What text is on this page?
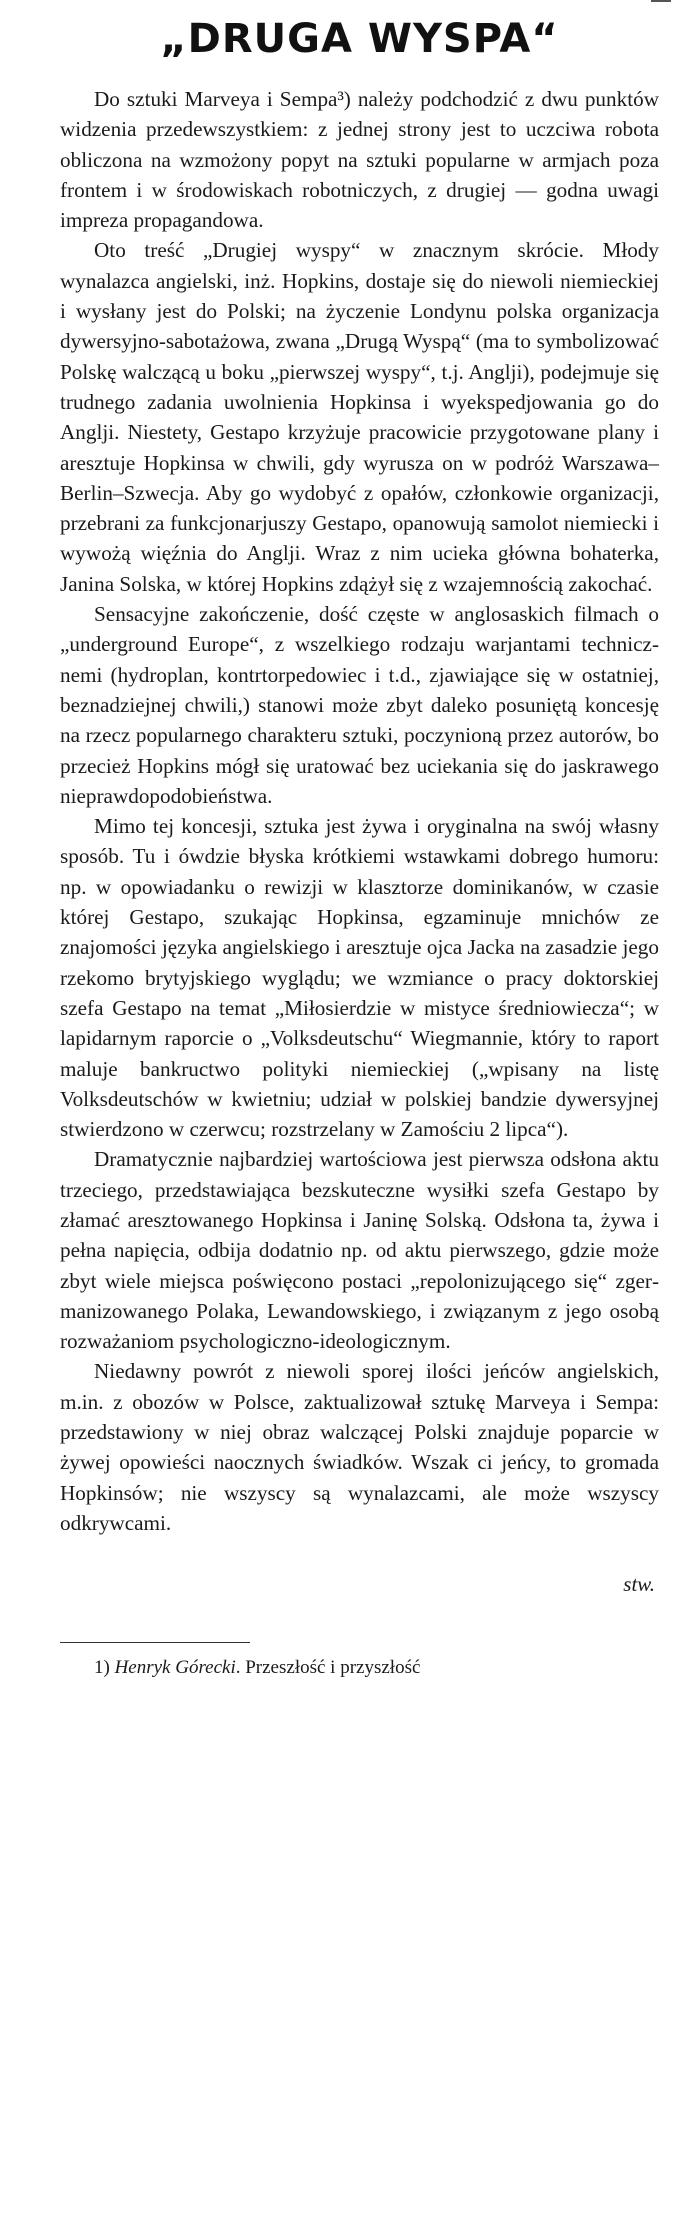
„DRUGA WYSPA“

Do sztuki Marveya i Sempa³) należy podchodzić z dwu punktów widzenia przedewszystkiem: z jednej strony jest to uczciwa robota obliczona na wzmożony popyt na sztuki popularne w armjach poza frontem i w środowiskach robotniczych, z drugiej — godna uwagi impreza propagandowa.

Oto treść „Drugiej wyspy“ w znacznym skrócie. Młody wynalazca angielski, inż. Hopkins, dostaje się do niewoli niemieckiej i wysłany jest do Polski; na życzenie Londynu polska organizacja dywersyjno-sabotażowa, zwana „Drugą Wyspą“ (ma to symbolizować Polskę walczącą u boku „pierwszej wyspy“, t.j. Anglji), podejmuje się trudnego zadania uwolnienia Hopkinsa i wyekspedjowania go do Anglji. Niestety, Gestapo krzyżuje pracowicie przygotowane plany i aresztuje Hopkinsa w chwili, gdy wyrusza on w podróż Warszawa–Berlin–Szwecja. Aby go wydobyć z opałów, członkowie organizacji, przebrani za funkcjonarjuszy Gestapo, opanowują samolot niemiecki i wywożą więźnia do Anglji. Wraz z nim ucieka główna bohaterka, Janina Solska, w której Hopkins zdążył się z wzajemnością zakochać.

Sensacyjne zakończenie, dość częste w anglosaskich filmach o „underground Europe“, z wszelkiego rodzaju warjantami technicznemi (hydroplan, kontrtorpedowiec i t.d., zjawiające się w ostatniej, beznadziejnej chwili,) stanowi może zbyt daleko posuniętą koncesję na rzecz popularnego charakteru sztuki, poczynioną przez autorów, bo przecież Hopkins mógł się uratować bez uciekania się do jaskrawego nieprawdopodobieństwa.

Mimo tej koncesji, sztuka jest żywa i oryginalna na swój własny sposób. Tu i ówdzie błyska krótkiemi wstawkami dobrego humoru: np. w opowiadanku o rewizji w klasztorze dominikanów, w czasie której Gestapo, szukając Hopkinsa, egzaminuje mnichów ze znajomości języka angielskiego i aresztuje ojca Jacka na zasadzie jego rzekomo brytyjskiego wyglądu; we wzmiance o pracy doktorskiej szefa Gestapo na temat „Miłosierdzie w mistyce średniowiecza“; w lapidarnym raporcie o „Volksdeutschu“ Wiegmannie, który to raport maluje bankructwo polityki niemieckiej („wpisany na listę Volksdeutschów w kwietniu; udział w polskiej bandzie dywersyjnej stwierdzono w czerwcu; rozstrzelany w Zamościu 2 lipca“).

Dramatycznie najbardziej wartościowa jest pierwsza odsłona aktu trzeciego, przedstawiająca bezskuteczne wysiłki szefa Gestapo by złamać aresztowanego Hopkinsa i Janinę Solską. Odsłona ta, żywa i pełna napięcia, odbija dodatnio np. od aktu pierwszego, gdzie może zbyt wiele miejsca poświęcono postaci „repolonizującego się“ zgermanizowanego Polaka, Lewandowskiego, i związanym z jego osobą rozważaniom psychologiczno-ideologicznym.

Niedawny powrót z niewoli sporej ilości jeńców angielskich, m.in. z obozów w Polsce, zaktualizował sztukę Marveya i Sempa: przedstawiony w niej obraz walczącej Polski znajduje poparcie w żywej opowieści naocznych świadków. Wszak ci jeńcy, to gromada Hopkinsów; nie wszyscy są wynalazcami, ale może wszyscy odkrywcami.

stw.
1) Henryk Górecki. Przeszłość i przyszłość
